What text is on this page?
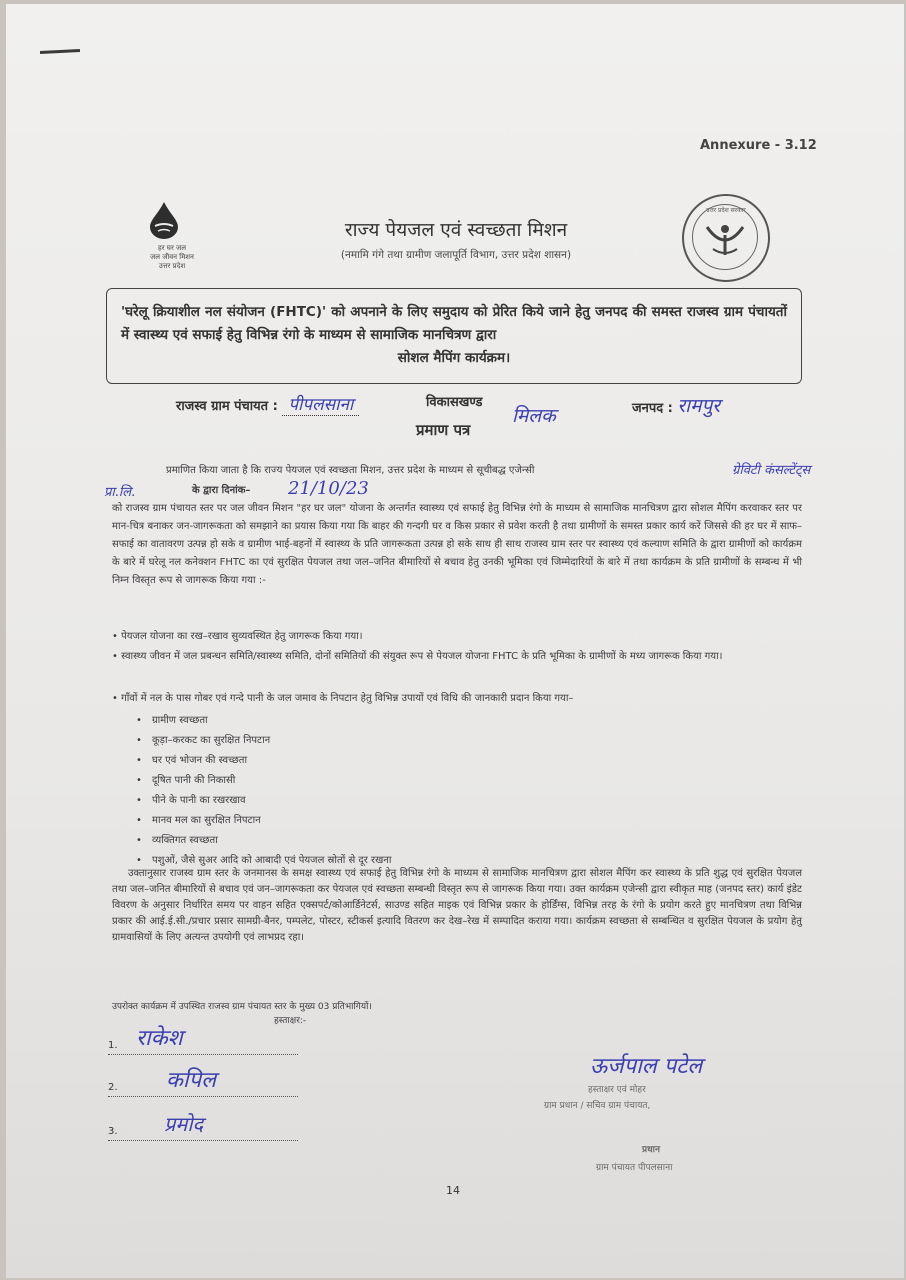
Annexure - 3.12
हर घर जल
जल जीवन मिशन
उत्तर प्रदेश
उत्तर प्रदेश सरकार
राज्य पेयजल एवं स्वच्छता मिशन
(नमामि गंगे तथा ग्रामीण जलापूर्ति विभाग, उत्तर प्रदेश शासन)

'घरेलू क्रियाशील नल संयोजन (FHTC)' को अपनाने के लिए समुदाय को प्रेरित किये जाने हेतु जनपद की समस्त राजस्व ग्राम पंचायतों में स्वास्थ्य एवं सफाई हेतु विभिन्न रंगो के माध्यम से सामाजिक मानचित्रण द्वारा

सोशल मैपिंग कार्यक्रम।

राजस्व ग्राम पंचायत : पीपलसाना	विकासखण्ड
मिलक	जनपद : रामपुर
प्रमाण पत्र
प्रमाणित किया जाता है कि राज्य पेयजल एवं स्वच्छता मिशन, उत्तर प्रदेश के माध्यम से सूचीबद्ध एजेन्सी	ग्रेविटी कंसल्टेंट्स
प्रा.लि.	के द्वारा दिनांक–	21/10/23
को राजस्व ग्राम पंचायत स्तर पर जल जीवन मिशन "हर घर जल" योजना के अन्तर्गत स्वास्थ्य एवं सफाई हेतु विभिन्न रंगो के माध्यम से सामाजिक मानचित्रण द्वारा सोशल मैपिंग करवाकर स्तर पर मान-चित्र बनाकर जन-जागरूकता को समझाने का प्रयास किया गया कि बाहर की गन्दगी घर व किस प्रकार से प्रवेश करती है तथा ग्रामीणों के समस्त प्रकार कार्य करें जिससे की हर घर में साफ–सफाई का वातावरण उत्पन्न हो सके व ग्रामीण भाई-बहनों में स्वास्थ्य के प्रति जागरूकता उत्पन्न हो सके साथ ही साथ राजस्व ग्राम स्तर पर स्वास्थ्य एवं कल्याण समिति के द्वारा ग्रामीणों को कार्यक्रम के बारे में घरेलू नल कनेक्शन FHTC का एवं सुरक्षित पेयजल तथा जल–जनित बीमारियों से बचाव हेतु उनकी भूमिका एवं जिम्मेदारियों के बारे में तथा कार्यक्रम के प्रति ग्रामीणों के सम्बन्ध में भी निम्न विस्तृत रूप से जागरूक किया गया :-
• पेयजल योजना का रख–रखाव सुव्यवस्थित हेतु जागरूक किया गया।
• स्वास्थ्य जीवन में जल प्रबन्धन समिति/स्वास्थ्य समिति, दोनों समितियों की संयुक्त रूप से पेयजल योजना FHTC के प्रति भूमिका के ग्रामीणों के मध्य जागरूक किया गया।
• गाँवों में नल के पास गोबर एवं गन्दे पानी के जल जमाव के निपटान हेतु विभिन्न उपायों एवं विधि की जानकारी प्रदान किया गया–
• ग्रामीण स्वच्छता
• कूड़ा–करकट का सुरक्षित निपटान
• घर एवं भोजन की स्वच्छता
• दूषित पानी की निकासी
• पीने के पानी का रखरखाव
• मानव मल का सुरक्षित निपटान
• व्यक्तिगत स्वच्छता
• पशुओं, जैसे सुअर आदि को आबादी एवं पेयजल स्रोतों से दूर रखना
उक्तानुसार राजस्व ग्राम स्तर के जनमानस के समक्ष स्वास्थ्य एवं सफाई हेतु विभिन्न रंगो के माध्यम से सामाजिक मानचित्रण द्वारा सोशल मैपिंग कर स्वास्थ्य के प्रति शुद्ध एवं सुरक्षित पेयजल तथा जल–जनित बीमारियों से बचाव एवं जन–जागरूकता कर पेयजल एवं स्वच्छता सम्बन्धी विस्तृत रूप से जागरूक किया गया। उक्त कार्यक्रम एजेन्सी द्वारा स्वीकृत माह (जनपद स्तर) कार्य इंडेट विवरण के अनुसार निर्धारित समय पर वाहन सहित एक्सपर्ट/कोआर्डिनेटर्स, साउण्ड सहित माइक एवं विभिन्न प्रकार के होर्डिंग्स, विभिन्न तरह के रंगो के प्रयोग करते हुए मानचित्रण तथा विभिन्न प्रकार की आई.ई.सी./प्रचार प्रसार सामग्री-बैनर, पम्पलेट, पोस्टर, स्टीकर्स इत्यादि वितरण कर देख–रेख में सम्पादित कराया गया। कार्यक्रम स्वच्छता से सम्बन्धित व सुरक्षित पेयजल के प्रयोग हेतु ग्रामवासियों के लिए अत्यन्त उपयोगी एवं लाभप्रद रहा।
उपरोक्त कार्यक्रम में उपस्थित राजस्व ग्राम पंचायत स्तर के मुख्य 03 प्रतिभागियों।
हस्ताक्षर:-
1. राकेश
2.	कपिल
3.	प्रमोद
ऊर्जपाल पटेल
हस्ताक्षर एवं मोहर
ग्राम प्रधान / सचिव ग्राम पंचायत,
प्रधान
ग्राम पंचायत पीपलसाना
14
